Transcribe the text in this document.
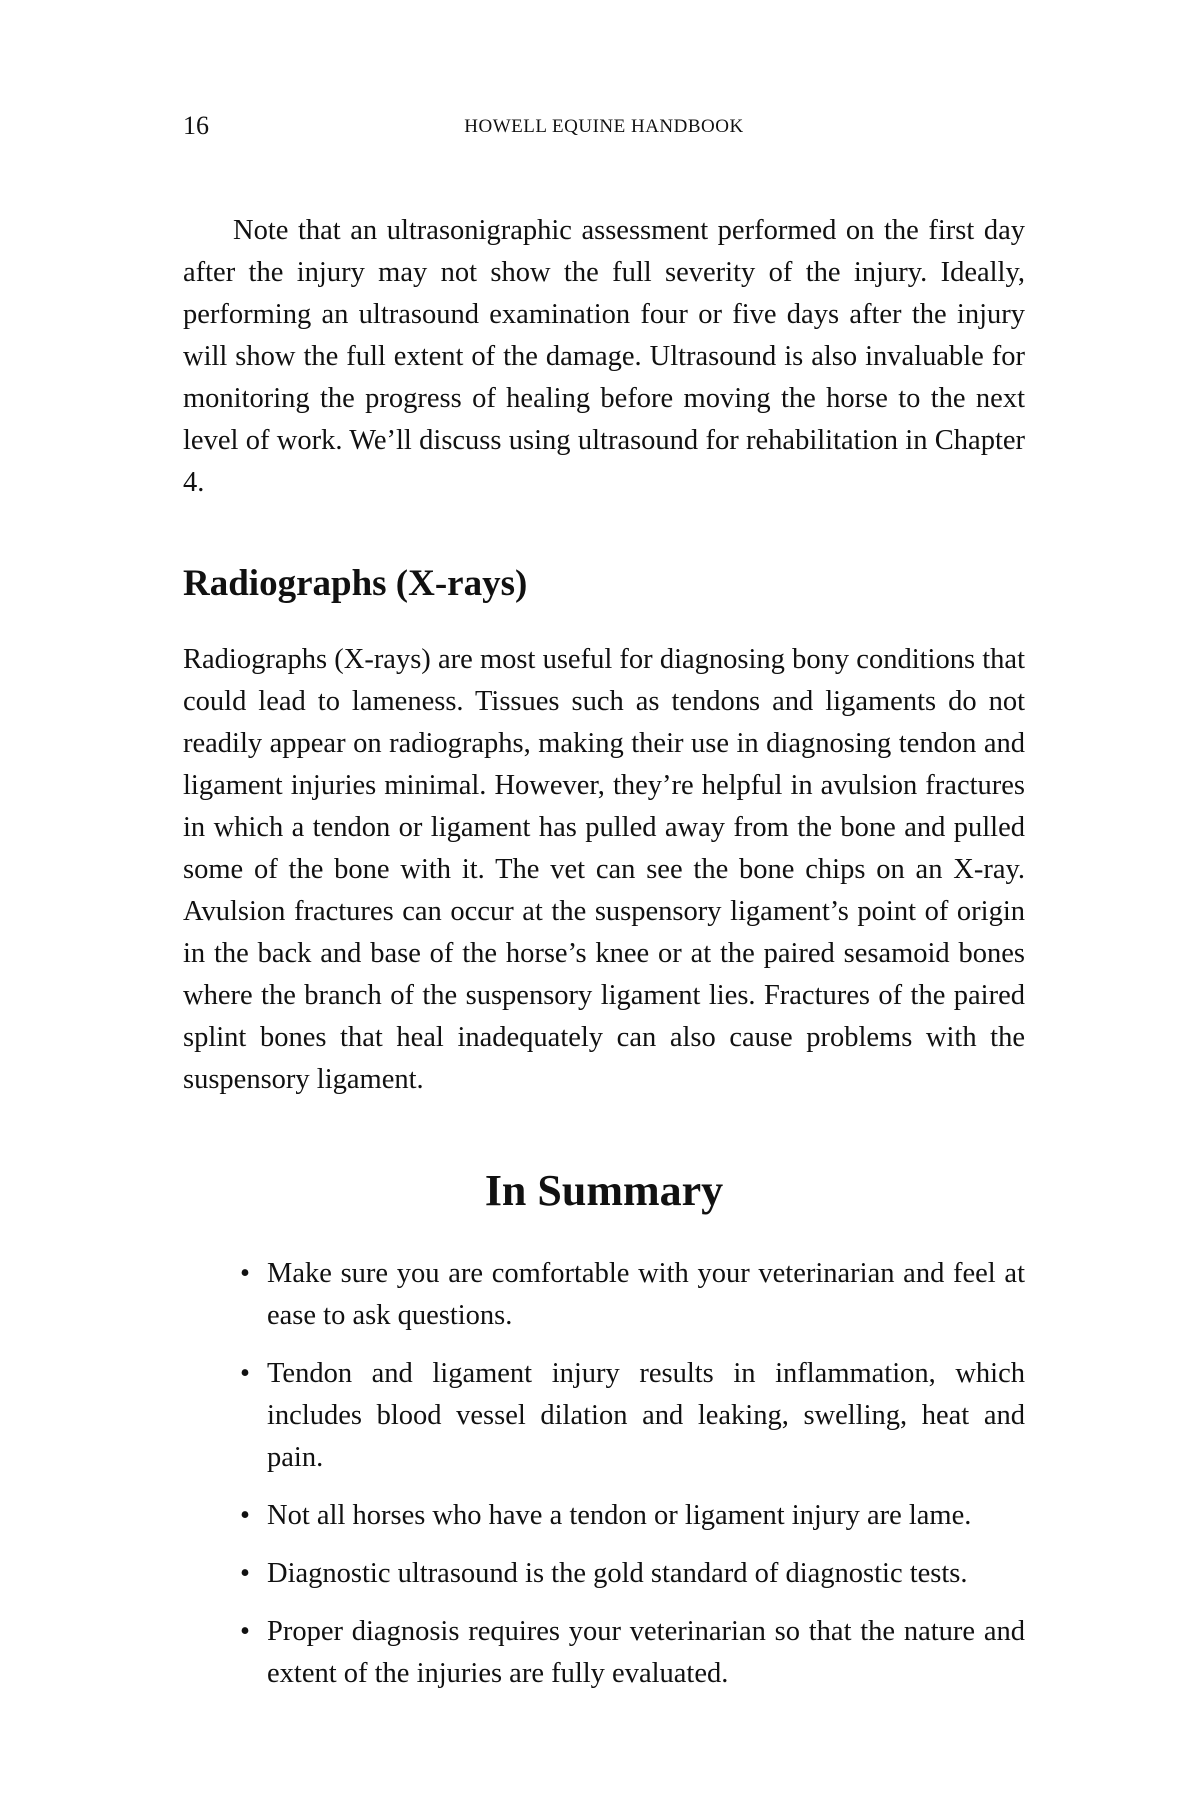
16	HOWELL EQUINE HANDBOOK

Note that an ultrasonigraphic assessment performed on the first day after the injury may not show the full severity of the injury. Ideally, performing an ultrasound examination four or five days after the injury will show the full extent of the damage. Ultrasound is also invaluable for monitoring the progress of healing before moving the horse to the next level of work. We’ll discuss using ultrasound for rehabilitation in Chapter 4.

Radiographs (X-rays)

Radiographs (X-rays) are most useful for diagnosing bony conditions that could lead to lameness. Tissues such as tendons and ligaments do not readily appear on radiographs, making their use in diagnosing tendon and ligament injuries minimal. However, they’re helpful in avulsion fractures in which a tendon or ligament has pulled away from the bone and pulled some of the bone with it. The vet can see the bone chips on an X-ray. Avulsion fractures can occur at the suspensory ligament’s point of origin in the back and base of the horse’s knee or at the paired sesamoid bones where the branch of the suspensory ligament lies. Fractures of the paired splint bones that heal inadequately can also cause problems with the suspensory ligament.

In Summary
• Make sure you are comfortable with your veterinarian and feel at ease to ask questions.
• Tendon and ligament injury results in inflammation, which includes blood vessel dilation and leaking, swelling, heat and pain.
• Not all horses who have a tendon or ligament injury are lame.
• Diagnostic ultrasound is the gold standard of diagnostic tests.
• Proper diagnosis requires your veterinarian so that the nature and extent of the injuries are fully evaluated.
